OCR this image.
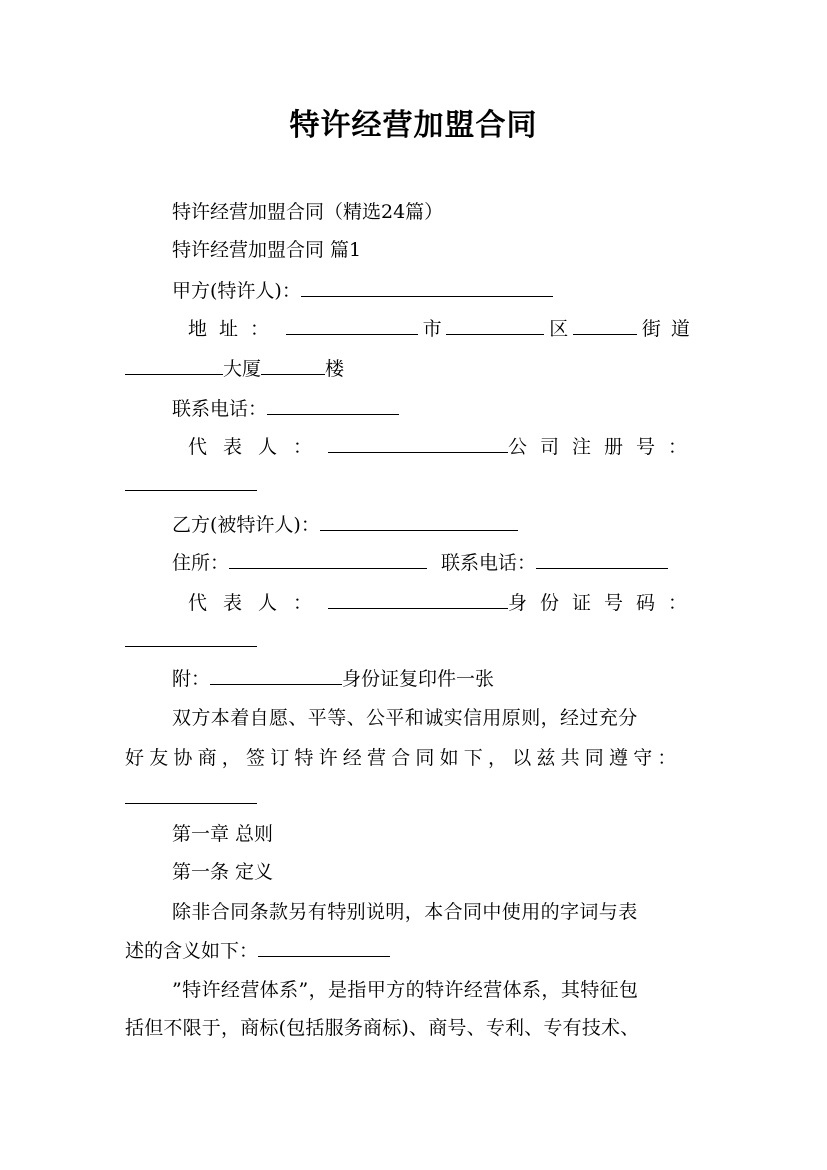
特许经营加盟合同
特许经营加盟合同（精选24篇）
特许经营加盟合同 篇1
甲方(特许人)：
地址：	市	区	街道
大厦	楼
联系电话：
代表人：	公司注册号：
乙方(被特许人)：
住所：	联系电话：
代表人：	身份证号码：
附：	身份证复印件一张
双方本着自愿、平等、公平和诚实信用原则，经过充分
好友协商，签订特许经营合同如下，以兹共同遵守：
第一章 总则
第一条 定义
除非合同条款另有特别说明，本合同中使用的字词与表
述的含义如下：
”特许经营体系”，是指甲方的特许经营体系，其特征包
括但不限于，商标(包括服务商标)、商号、专利、专有技术、
